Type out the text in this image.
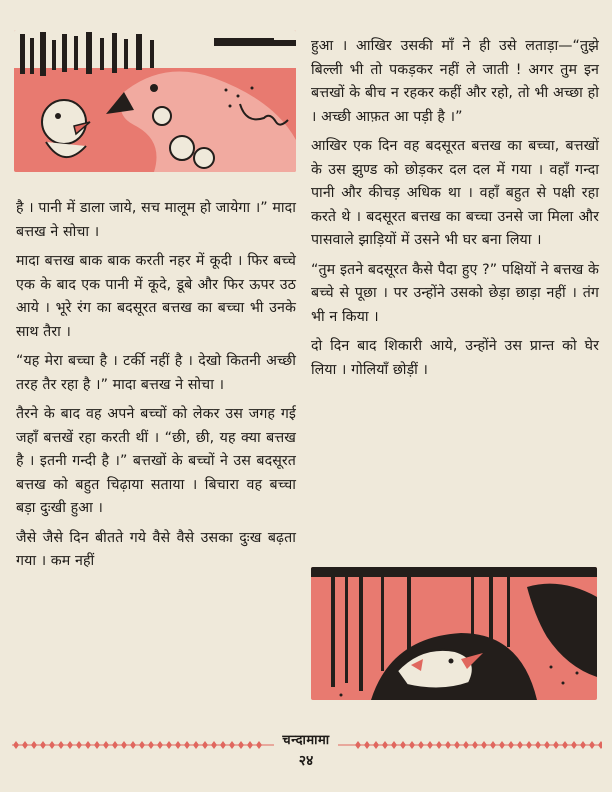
है । पानी में डाला जाये, सच मालूम हो जायेगा ।” मादा बत्तख ने सोचा ।

मादा बत्तख बाक बाक करती नहर में कूदी । फिर बच्चे एक के बाद एक पानी में कूदे, डूबे और फिर ऊपर उठ आये । भूरे रंग का बदसूरत बत्तख का बच्चा भी उनके साथ तैरा ।

“यह मेरा बच्चा है । टर्की नहीं है । देखो कितनी अच्छी तरह तैर रहा है ।” मादा बत्तख ने सोचा ।

तैरने के बाद वह अपने बच्चों को लेकर उस जगह गई जहाँ बत्तखें रहा करती थीं । “छी, छी, यह क्या बत्तख है । इतनी गन्दी है ।” बत्तखों के बच्चों ने उस बदसूरत बत्तख को बहुत चिढ़ाया सताया । बिचारा वह बच्चा बड़ा दुःखी हुआ ।

जैसे जैसे दिन बीतते गये वैसे वैसे उसका दुःख बढ़ता गया । कम नहीं

हुआ । आखिर उसकी माँ ने ही उसे लताड़ा—“तुझे बिल्ली भी तो पकड़कर नहीं ले जाती ! अगर तुम इन बत्तखों के बीच न रहकर कहीं और रहो, तो भी अच्छा हो । अच्छी आफ़त आ पड़ी है ।”

आखिर एक दिन वह बदसूरत बत्तख का बच्चा, बत्तखों के उस झुण्ड को छोड़कर दल दल में गया । वहाँ गन्दा पानी और कीचड़ अधिक था । वहाँ बहुत से पक्षी रहा करते थे । बदसूरत बत्तख का बच्चा उनसे जा मिला और पासवाले झाड़ियों में उसने भी घर बना लिया ।

“तुम इतने बदसूरत कैसे पैदा हुए ?” पक्षियों ने बत्तख के बच्चे से पूछा । पर उन्होंने उसको छेड़ा छाड़ा नहीं । तंग भी न किया ।

दो दिन बाद शिकारी आये, उन्होंने उस प्रान्त को घेर लिया । गोलियाँ छोड़ीं ।

चन्दामामा
२४
